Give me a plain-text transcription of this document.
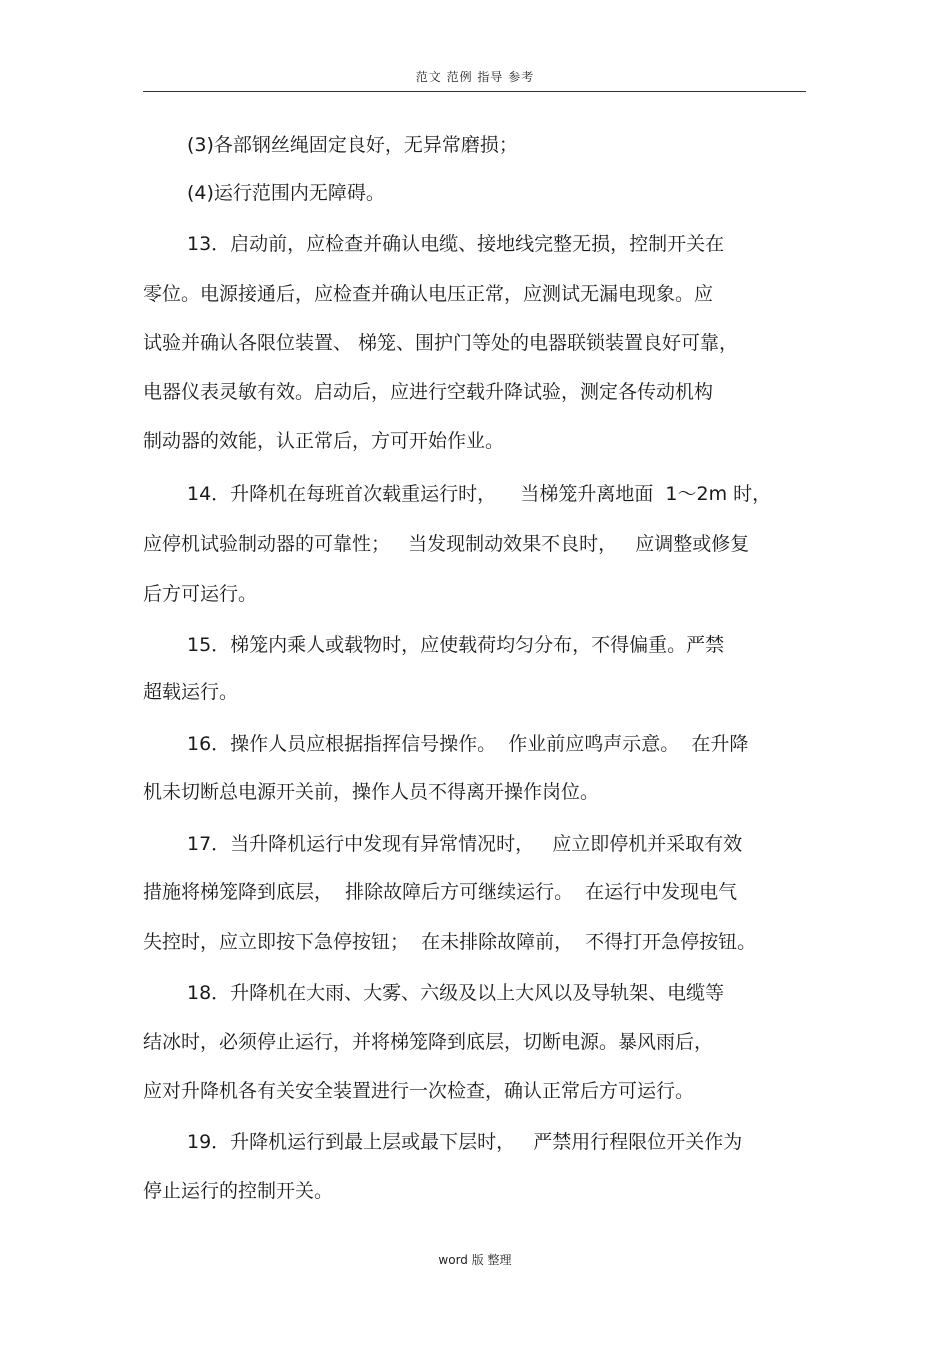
范文 范例 指导 参考
(3)各部钢丝绳固定良好，无异常磨损；
(4)运行范围内无障碍。
13．启动前，应检查并确认电缆、接地线完整无损，控制开关在
零位。电源接通后，应检查并确认电压正常，应测试无漏电现象。应
试验并确认各限位装置、 梯笼、围护门等处的电器联锁装置良好可靠，
电器仪表灵敏有效。启动后，应进行空载升降试验，测定各传动机构
制动器的效能，认正常后，方可开始作业。
14．升降机在每班首次载重运行时，    当梯笼升离地面  1～2m 时，
应停机试验制动器的可靠性；   当发现制动效果不良时，   应调整或修复
后方可运行。
15．梯笼内乘人或载物时，应使载荷均匀分布，不得偏重。严禁
超载运行。
16．操作人员应根据指挥信号操作。  作业前应鸣声示意。  在升降
机未切断总电源开关前，操作人员不得离开操作岗位。
17．当升降机运行中发现有异常情况时，   应立即停机并采取有效
措施将梯笼降到底层，  排除故障后方可继续运行。  在运行中发现电气
失控时，应立即按下急停按钮；  在未排除故障前，  不得打开急停按钮。
18．升降机在大雨、大雾、六级及以上大风以及导轨架、电缆等
结冰时，必须停止运行，并将梯笼降到底层，切断电源。暴风雨后，
应对升降机各有关安全装置进行一次检查，确认正常后方可运行。
19．升降机运行到最上层或最下层时，   严禁用行程限位开关作为
停止运行的控制开关。
word 版 整理
